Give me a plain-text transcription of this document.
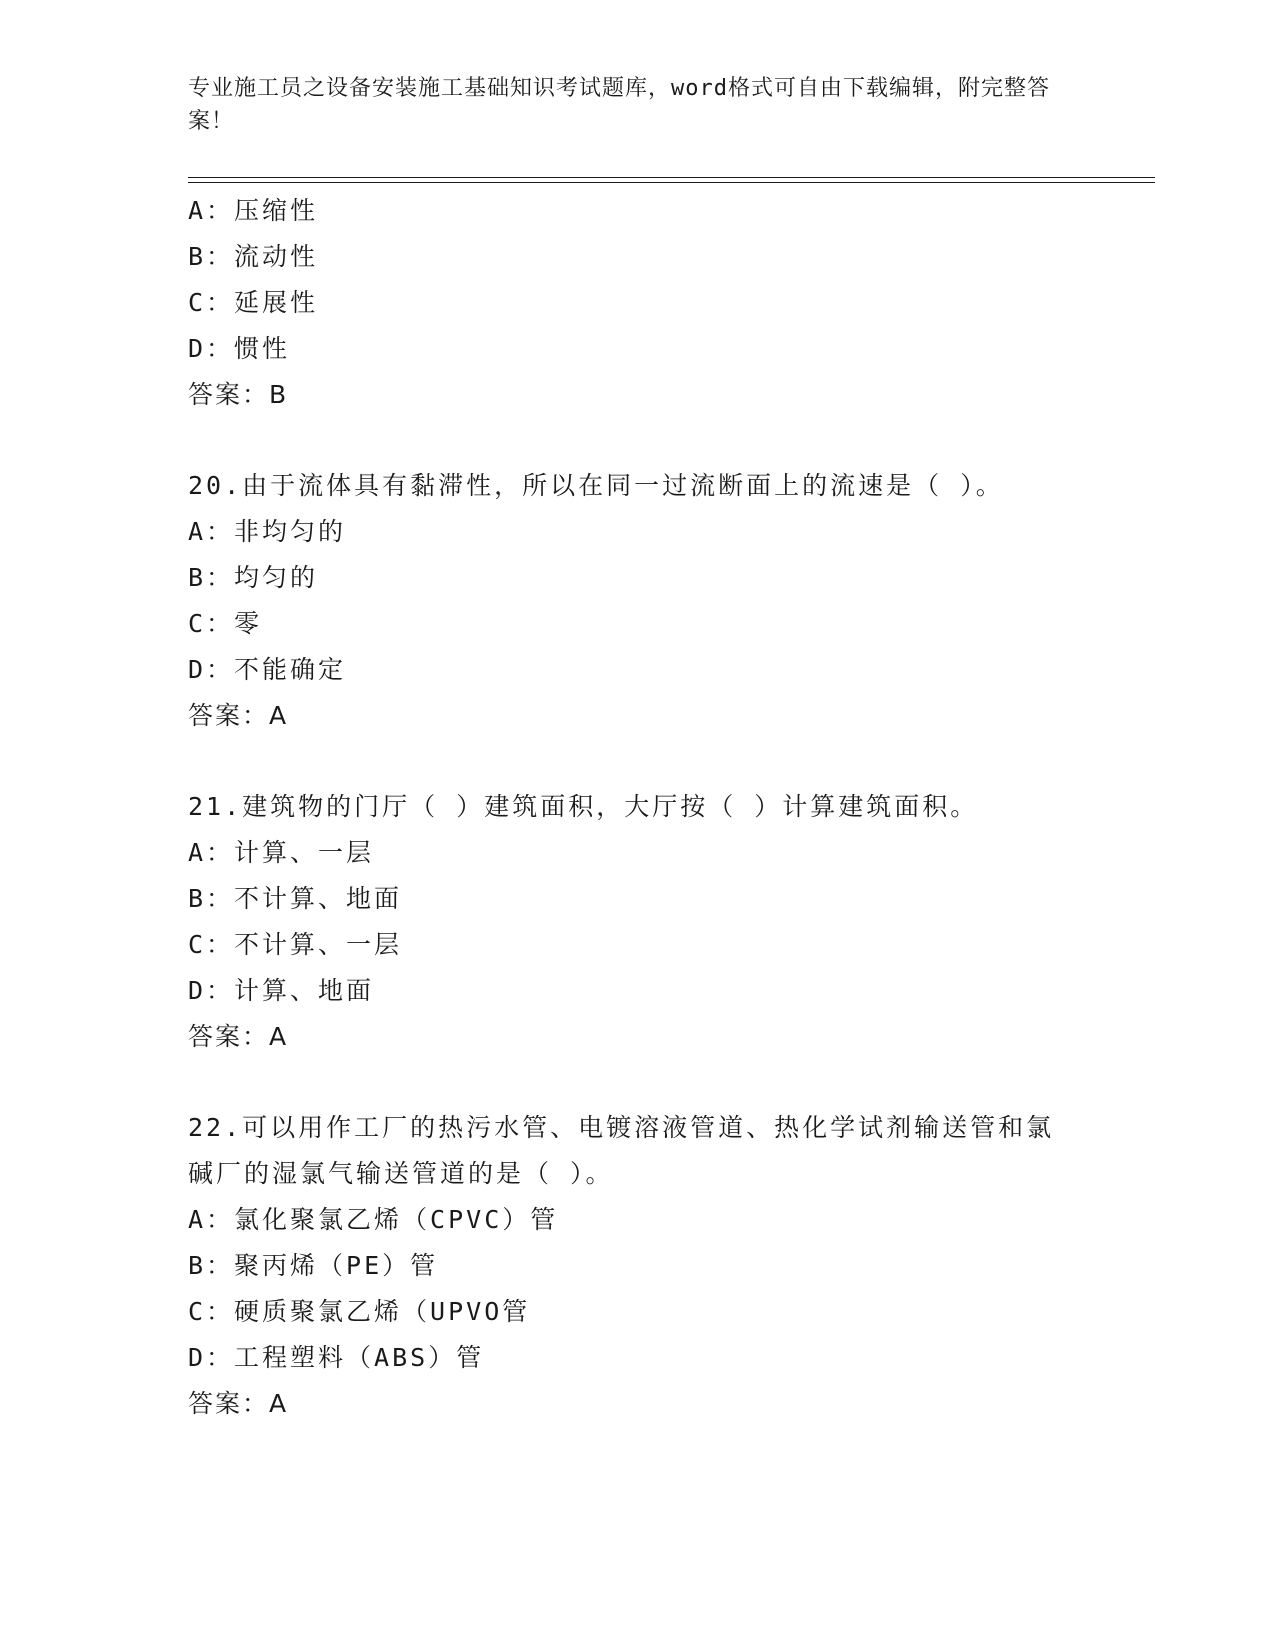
专业施工员之设备安装施工基础知识考试题库，word格式可自由下载编辑，附完整答案！
A：压缩性
B：流动性
C：延展性
D：惯性
答案：B
20.由于流体具有黏滞性，所以在同一过流断面上的流速是（ ）。
A：非均匀的
B：均匀的
C：零
D：不能确定
答案：A
21.建筑物的门厅（ ）建筑面积，大厅按（ ）计算建筑面积。
A：计算、一层
B：不计算、地面
C：不计算、一层
D：计算、地面
答案：A
22.可以用作工厂的热污水管、电镀溶液管道、热化学试剂输送管和氯
碱厂的湿氯气输送管道的是（ ）。
A：氯化聚氯乙烯（CPVC）管
B：聚丙烯（PE）管
C：硬质聚氯乙烯（UPVO管
D：工程塑料（ABS）管
答案：A
